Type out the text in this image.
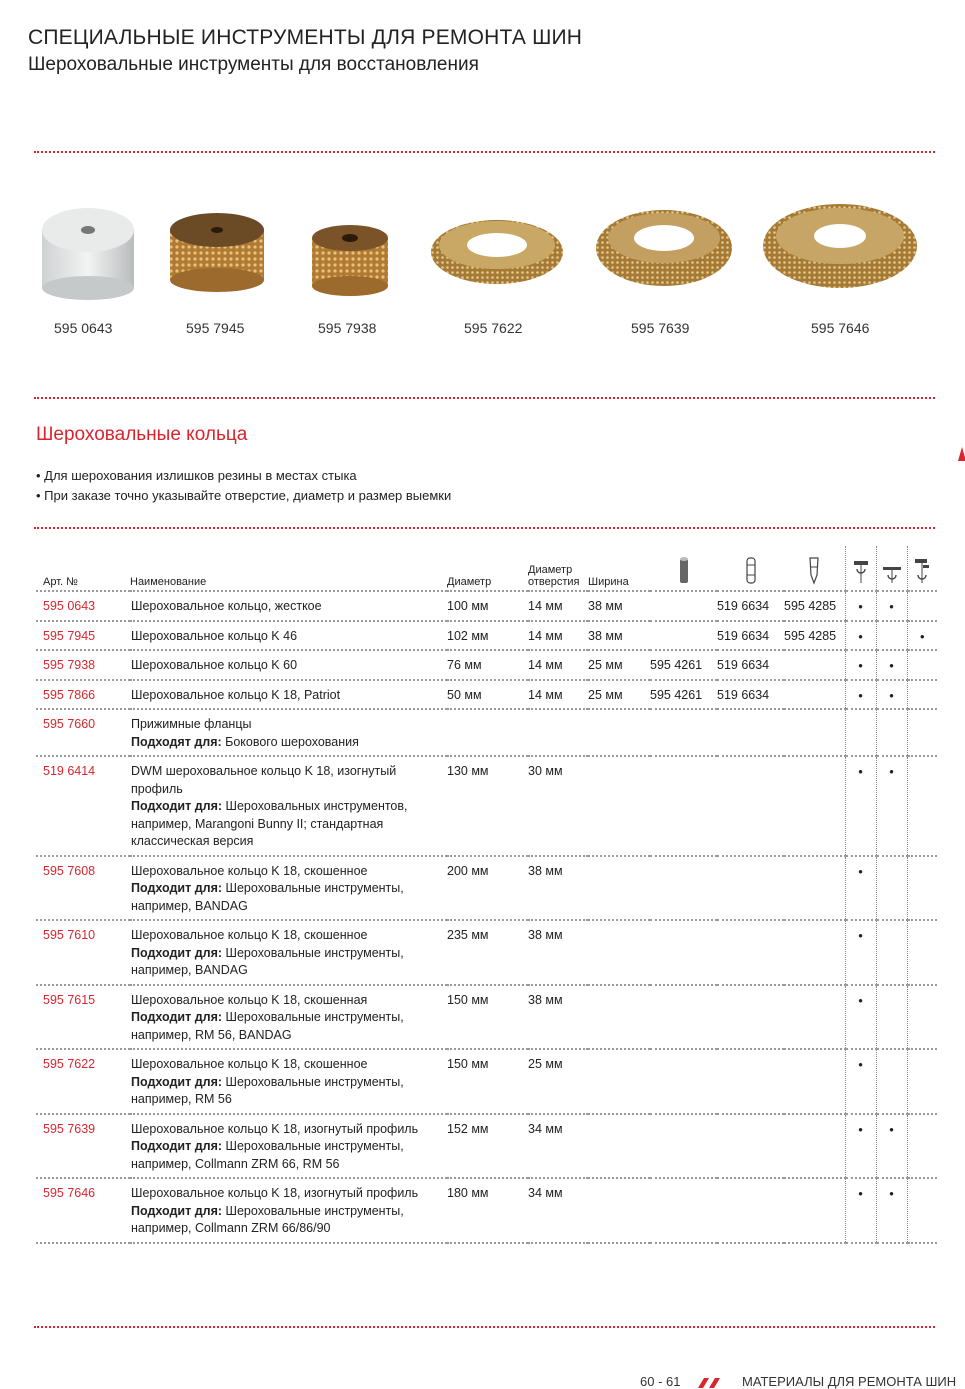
СПЕЦИАЛЬНЫЕ ИНСТРУМЕНТЫ ДЛЯ РЕМОНТА ШИН
Шероховальные инструменты для восстановления
595 0643	595 7945	595 7938	595 7622	595 7639	595 7646
Шероховальные кольца
• Для шерохования излишков резины в местах стыка
• При заказе точно указывайте отверстие, диаметр и размер выемки
Арт. №	Наименование	Диаметр	Диаметр
отверстия	Ширина						
595 0643	Шероховальное кольцо, жесткое	100 мм	14 мм	38 мм		519 6634	595 4285	•	•	
595 7945	Шероховальное кольцо K 46	102 мм	14 мм	38 мм		519 6634	595 4285	•		•
595 7938	Шероховальное кольцо K 60	76 мм	14 мм	25 мм	595 4261	519 6634		•	•	
595 7866	Шероховальное кольцо K 18, Patriot	50 мм	14 мм	25 мм	595 4261	519 6634		•	•	
595 7660	Прижимные фланцы
Подходят для: Бокового шерохования									

519 6414	DWM шероховальное кольцо K 18, изогнутый профиль
Подходит для: Шероховальных инструментов, например, Marangoni Bunny II; стандартная классическая версия	130 мм	30 мм					•	•	
595 7608	Шероховальное кольцо K 18, скошенное
Подходит для: Шероховальные инструменты, например, BANDAG	200 мм	38 мм					•		
595 7610	Шероховальное кольцо K 18, скошенное
Подходит для: Шероховальные инструменты, например, BANDAG	235 мм	38 мм					•		
595 7615	Шероховальное кольцо K 18, скошенная
Подходит для: Шероховальные инструменты, например, RM 56, BANDAG	150 мм	38 мм					•		
595 7622	Шероховальное кольцо K 18, скошенное
Подходит для: Шероховальные инструменты, например, RM 56	150 мм	25 мм					•		
595 7639	Шероховальное кольцо K 18, изогнутый профиль
Подходит для: Шероховальные инструменты, например, Collmann ZRM 66, RM 56	152 мм	34 мм					•	•	
595 7646	Шероховальное кольцо K 18, изогнутый профиль
Подходит для: Шероховальные инструменты, например, Collmann ZRM 66/86/90	180 мм	34 мм					•	•	
60 - 61	МАТЕРИАЛЫ ДЛЯ РЕМОНТА ШИН
